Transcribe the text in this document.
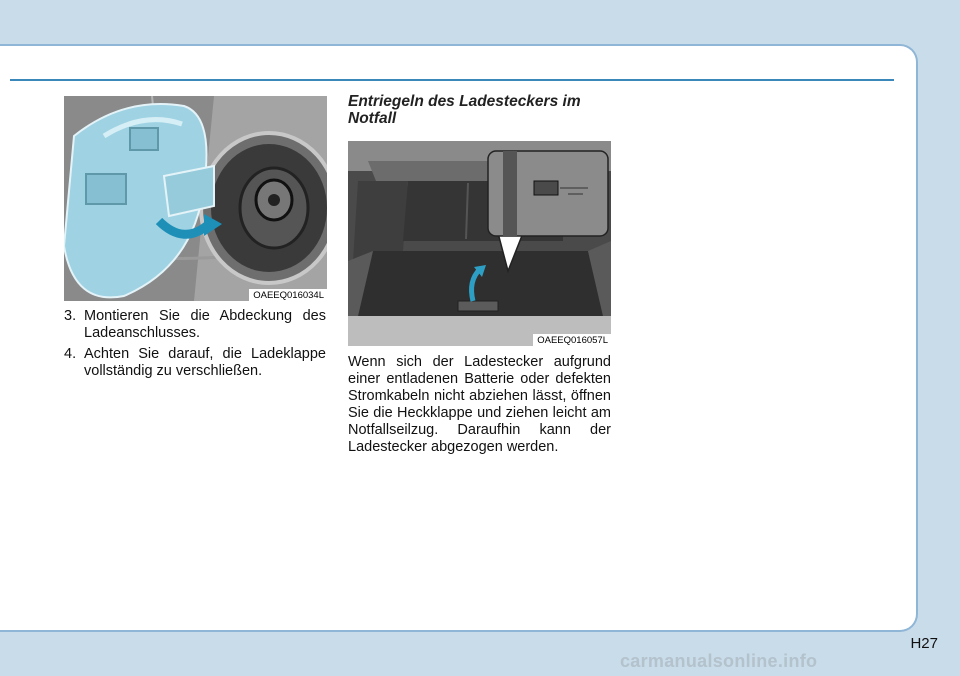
OAEEQ016034L
3. Montieren Sie die Abdeckung des Ladeanschlusses.
4. Achten Sie darauf, die Ladeklappe vollständig zu verschließen.
Entriegeln des Ladesteckers im Notfall
OAEEQ016057L
Wenn sich der Ladestecker aufgrund einer entladenen Batterie oder defekten Stromkabeln nicht abziehen lässt, öffnen Sie die Heckklappe und ziehen leicht am Notfallseilzug. Daraufhin kann der Ladestecker abgezogen werden.
H27
carmanualsonline.info
